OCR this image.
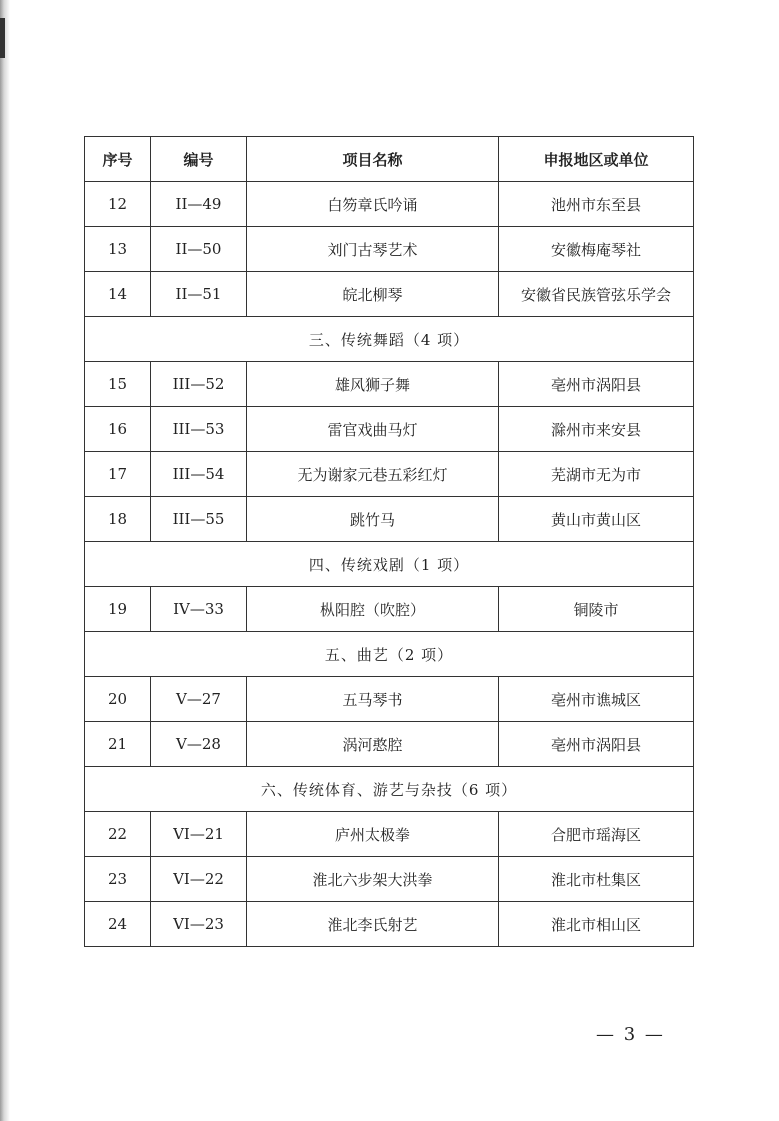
序号	编号	项目名称	申报地区或单位
12	II—49	白笏章氏吟诵	池州市东至县
13	II—50	刘门古琴艺术	安徽梅庵琴社
14	II—51	皖北柳琴	安徽省民族管弦乐学会
三、传统舞蹈（4 项）			
15	III—52	雄风狮子舞	亳州市涡阳县
16	III—53	雷官戏曲马灯	滁州市来安县
17	III—54	无为谢家元巷五彩红灯	芜湖市无为市
18	III—55	跳竹马	黄山市黄山区
四、传统戏剧（1 项）			
19	IV—33	枞阳腔（吹腔）	铜陵市
五、曲艺（2 项）			
20	V—27	五马琴书	亳州市谯城区
21	V—28	涡河憨腔	亳州市涡阳县
六、传统体育、游艺与杂技（6 项）			
22	VI—21	庐州太极拳	合肥市瑶海区
23	VI—22	淮北六步架大洪拳	淮北市杜集区
24	VI—23	淮北李氏射艺	淮北市相山区
— 3 —
